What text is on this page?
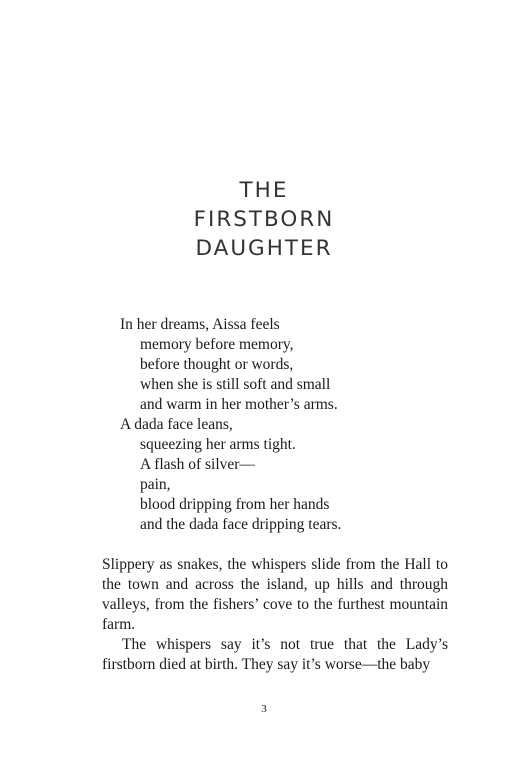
THE
FIRSTBORN
DAUGHTER
In her dreams, Aissa feels
memory before memory,
before thought or words,
when she is still soft and small
and warm in her mother’s arms.
A dada face leans,
squeezing her arms tight.
A flash of silver—
pain,
blood dripping from her hands
and the dada face dripping tears.

Slippery as snakes, the whispers slide from the Hall to the town and across the island, up hills and through valleys, from the fishers’ cove to the furthest mountain farm.

The whispers say it’s not true that the Lady’s firstborn died at birth. They say it’s worse—the baby

3
